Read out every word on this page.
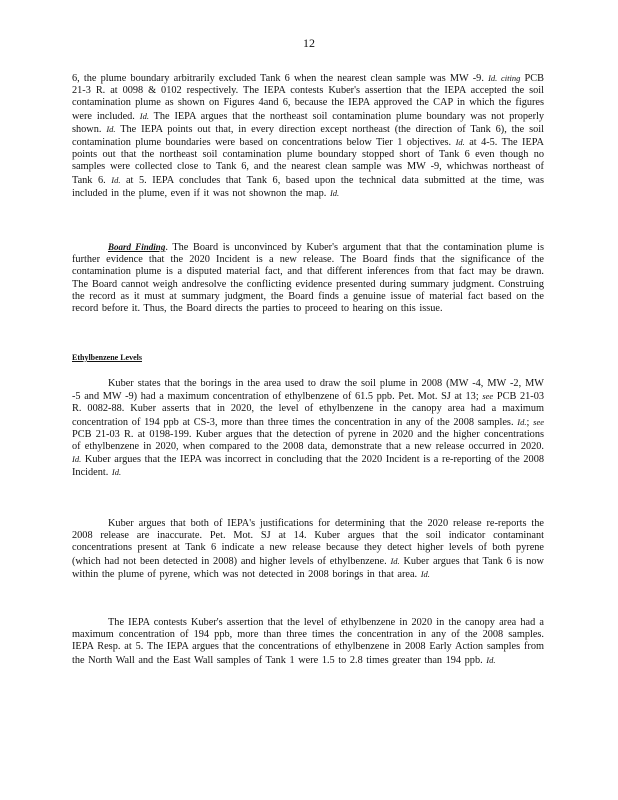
12

6, the plume boundary arbitrarily excluded Tank 6 when the nearest clean sample was MW -9. Id. citing PCB 21-3 R. at 0098 & 0102 respectively. The IEPA contests Kuber's assertion that the IEPA accepted the soil contamination plume as shown on Figures 4and 6, because the IEPA approved the CAP in which the figures were included. Id. The IEPA argues that the northeast soil contamination plume boundary was not properly shown. Id. The IEPA points out that, in every direction except northeast (the direction of Tank 6), the soil contamination plume boundaries were based on concentrations below Tier 1 objectives. Id. at 4-5. The IEPA points out that the northeast soil contamination plume boundary stopped short of Tank 6 even though no samples were collected close to Tank 6, and the nearest clean sample was MW -9, whichwas northeast of Tank 6. Id. at 5. IEPA concludes that Tank 6, based upon the technical data submitted at the time, was included in the plume, even if it was not shownon the map. Id.

Board Finding. The Board is unconvinced by Kuber's argument that that the contamination plume is further evidence that the 2020 Incident is a new release. The Board finds that the significance of the contamination plume is a disputed material fact, and that different inferences from that fact may be drawn. The Board cannot weigh andresolve the conflicting evidence presented during summary judgment. Construing the record as it must at summary judgment, the Board finds a genuine issue of material fact based on the record before it. Thus, the Board directs the parties to proceed to hearing on this issue.

Ethylbenzene Levels

Kuber states that the borings in the area used to draw the soil plume in 2008 (MW -4, MW -2, MW -5 and MW -9) had a maximum concentration of ethylbenzene of 61.5 ppb. Pet. Mot. SJ at 13; see PCB 21-03 R. 0082-88. Kuber asserts that in 2020, the level of ethylbenzene in the canopy area had a maximum concentration of 194 ppb at CS-3, more than three times the concentration in any of the 2008 samples. Id.; see PCB 21-03 R. at 0198-199. Kuber argues that the detection of pyrene in 2020 and the higher concentrations of ethylbenzene in 2020, when compared to the 2008 data, demonstrate that a new release occurred in 2020. Id. Kuber argues that the IEPA was incorrect in concluding that the 2020 Incident is a re-reporting of the 2008 Incident. Id.

Kuber argues that both of IEPA's justifications for determining that the 2020 release re-reports the 2008 release are inaccurate. Pet. Mot. SJ at 14. Kuber argues that the soil indicator contaminant concentrations present at Tank 6 indicate a new release because they detect higher levels of both pyrene (which had not been detected in 2008) and higher levels of ethylbenzene. Id. Kuber argues that Tank 6 is now within the plume of pyrene, which was not detected in 2008 borings in that area. Id.

The IEPA contests Kuber's assertion that the level of ethylbenzene in 2020 in the canopy area had a maximum concentration of 194 ppb, more than three times the concentration in any of the 2008 samples. IEPA Resp. at 5. The IEPA argues that the concentrations of ethylbenzene in 2008 Early Action samples from the North Wall and the East Wall samples of Tank 1 were 1.5 to 2.8 times greater than 194 ppb. Id.
